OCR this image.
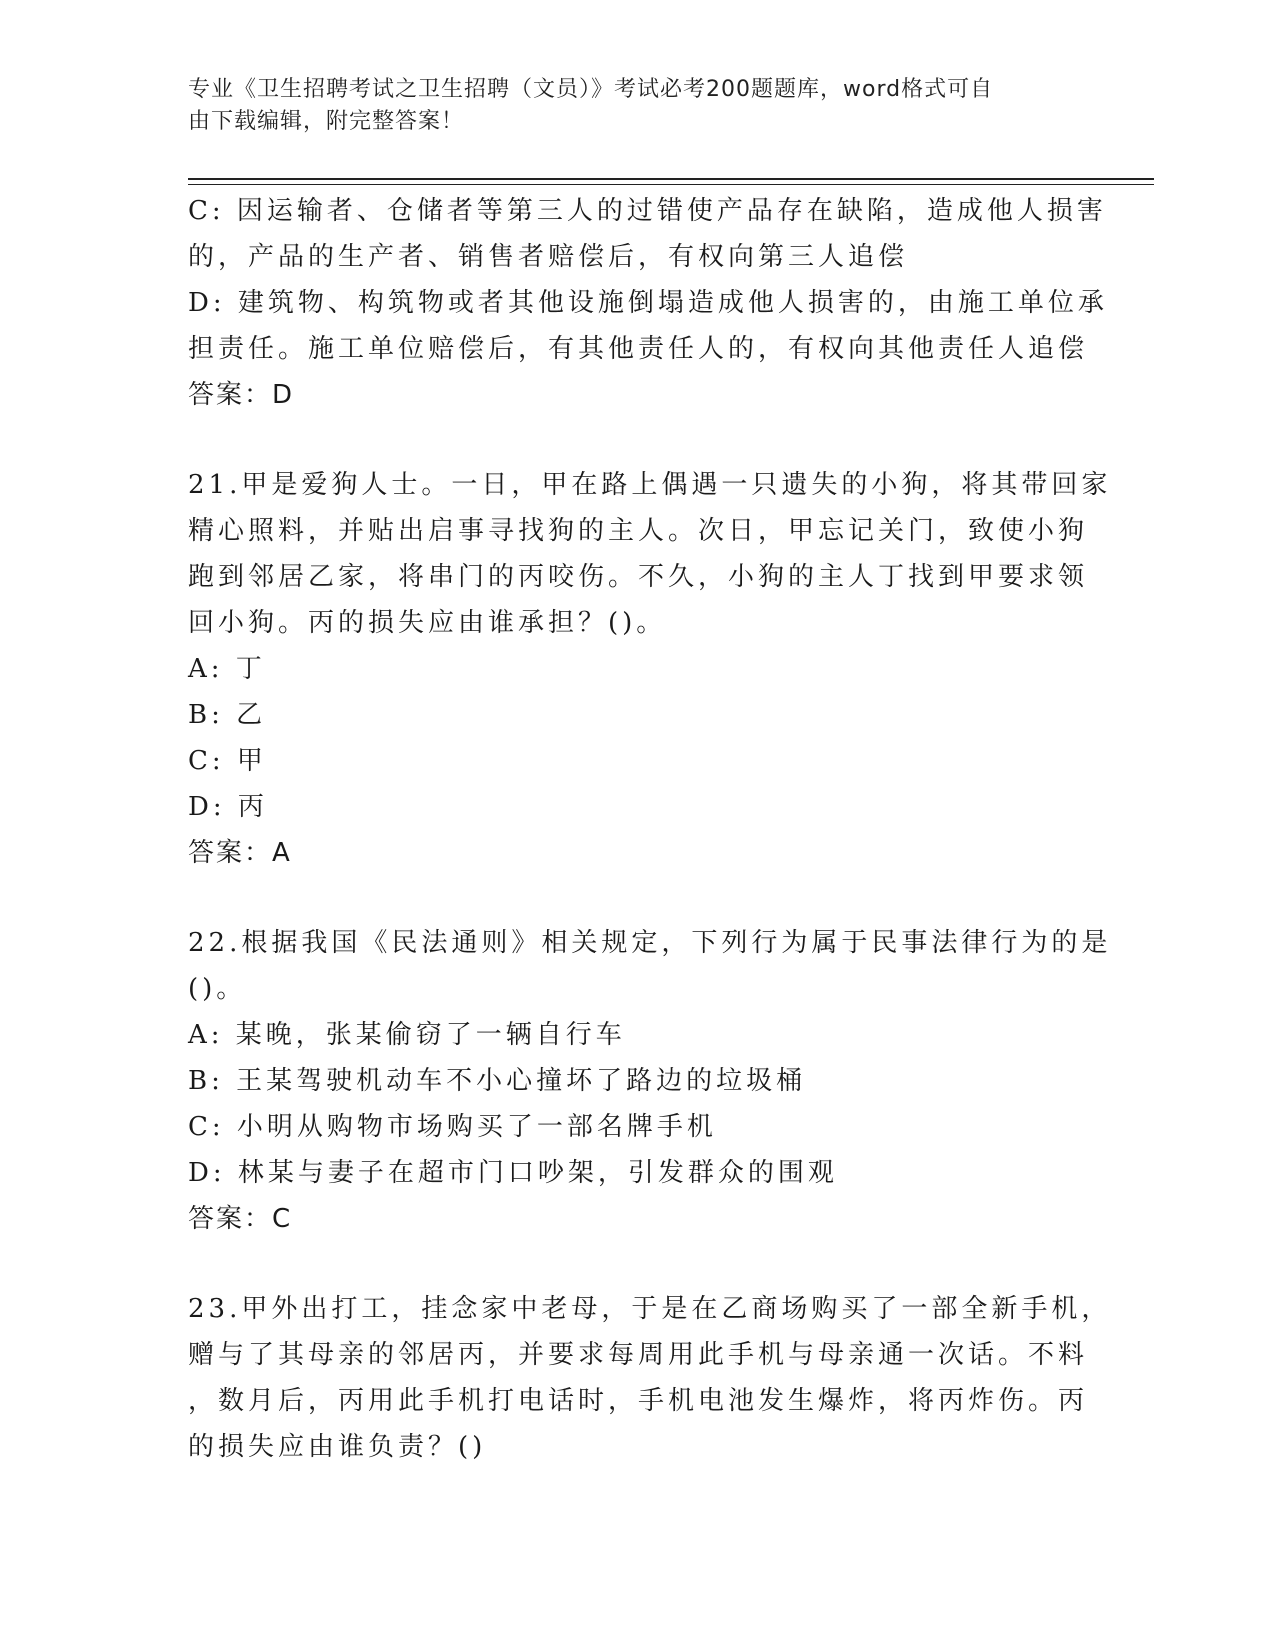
专业《卫生招聘考试之卫生招聘（文员）》考试必考200题题库，word格式可自
由下载编辑，附完整答案！
C: 因运输者、仓储者等第三人的过错使产品存在缺陷，造成他人损害
的，产品的生产者、销售者赔偿后，有权向第三人追偿
D: 建筑物、构筑物或者其他设施倒塌造成他人损害的，由施工单位承
担责任。施工单位赔偿后，有其他责任人的，有权向其他责任人追偿
答案：D
21.甲是爱狗人士。一日，甲在路上偶遇一只遗失的小狗，将其带回家
精心照料，并贴出启事寻找狗的主人。次日，甲忘记关门，致使小狗
跑到邻居乙家，将串门的丙咬伤。不久，小狗的主人丁找到甲要求领
回小狗。丙的损失应由谁承担？()。
A: 丁
B: 乙
C: 甲
D: 丙
答案：A
22.根据我国《民法通则》相关规定，下列行为属于民事法律行为的是
()。
A: 某晚，张某偷窃了一辆自行车
B: 王某驾驶机动车不小心撞坏了路边的垃圾桶
C: 小明从购物市场购买了一部名牌手机
D: 林某与妻子在超市门口吵架，引发群众的围观
答案：C
23.甲外出打工，挂念家中老母，于是在乙商场购买了一部全新手机，
赠与了其母亲的邻居丙，并要求每周用此手机与母亲通一次话。不料
，数月后，丙用此手机打电话时，手机电池发生爆炸，将丙炸伤。丙
的损失应由谁负责？()
